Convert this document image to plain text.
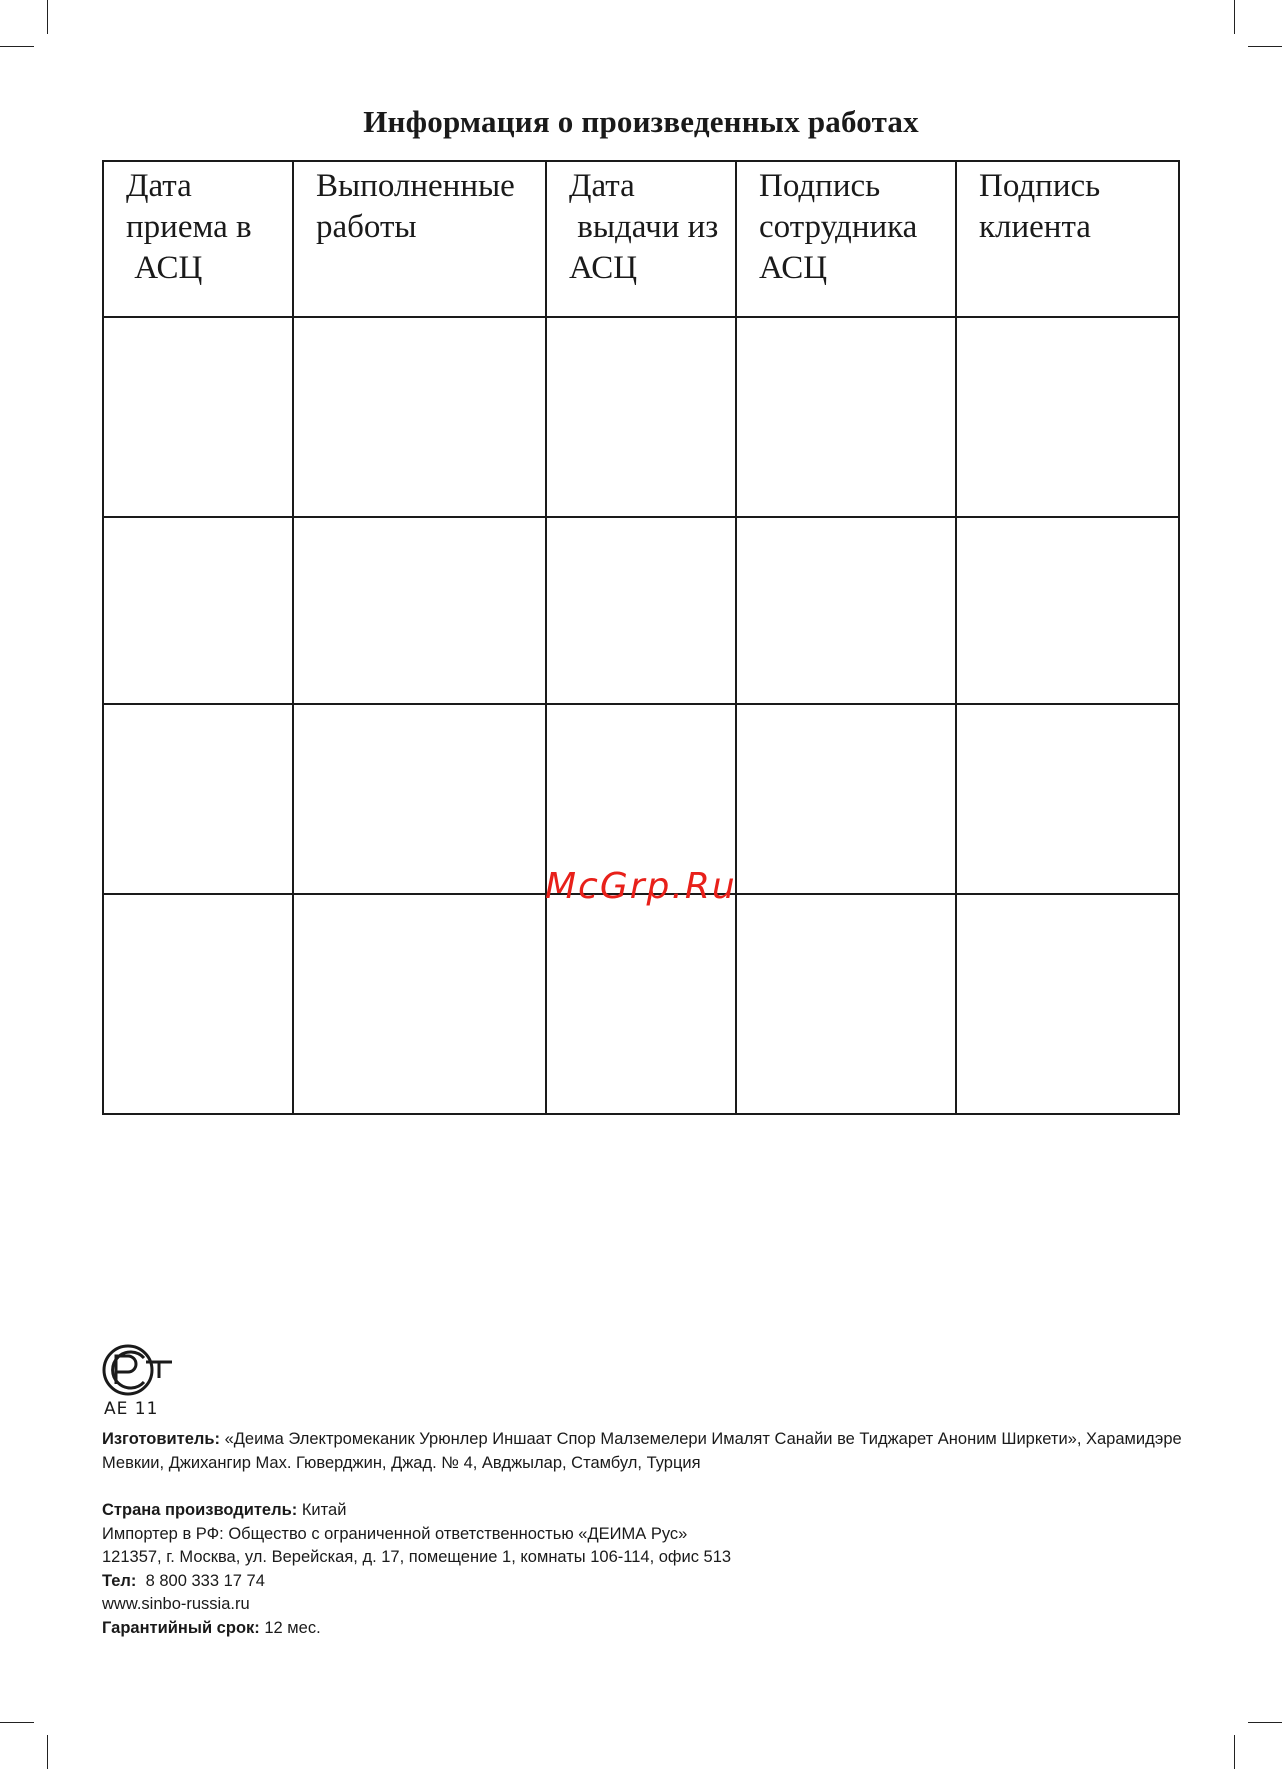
Информация о произведенных работах
Дата
приема в
АСЦ	Выполненные
работы	Дата
выдачи из
АСЦ	Подпись
сотрудника
АСЦ	Подпись
клиента

McGrp.Ru
AE 11

Изготовитель: «Деима Электромеканик Урюнлер Иншаат Спор Малземелери Ималят Санайи ве Тиджарет Аноним Ширкети», Харамидэре

Мевкии, Джихангир Мах. Гюверджин, Джад. № 4, Авджылар, Стамбул, Турция

Страна производитель: Китай

Импортер в РФ: Общество с ограниченной ответственностью «ДЕИМА Рус»

121357, г. Москва, ул. Верейская, д. 17, помещение 1, комнаты 106-114, офис 513

Тел:  8 800 333 17 74

www.sinbo-russia.ru

Гарантийный срок: 12 мес.
